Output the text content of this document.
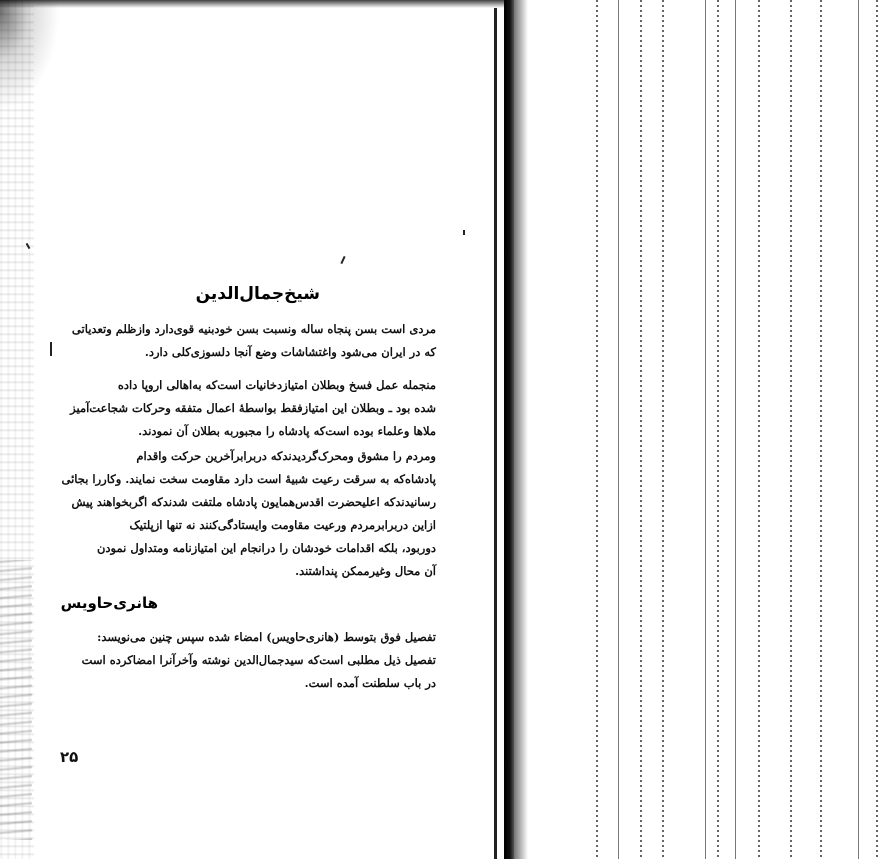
شیخ‌جمال‌الدین
مردی است بسن پنجاه ساله ونسبت بسن خودبنیه قوی‌دارد وازظلم وتعدیاتی
که در ایران می‌شود واغتشاشات وضع آنجا دلسوزی‌کلی دارد.
منجمله عمل فسخ وبطلان امتیازدخانیات است‌که به‌اهالی اروپا داده
شده بود ـ وبطلان این امتیازفقط بواسطهٔ اعمال متفقه وحرکات شجاعت‌آمیز
ملاها وعلماء بوده است‌که پادشاه را مجبوربه بطلان آن نمودند.
ومردم را مشوق ومحرک‌گردیدندکه دربرابرآخرین حرکت واقدام
پادشاه‌که به سرقت رعیت شبیهٔ است دارد مقاومت سخت نمایند. وکاررا بجائی
رسانیدندکه اعلیحضرت اقدس‌همایون پادشاه ملتفت شدندکه اگربخواهند پیش
ازاین دربرابرمردم ورعیت مقاومت وایستادگی‌کنند نه تنها ازپلتیک
دوربود، بلکه اقدامات خودشان را درانجام این امتیازنامه ومتداول نمودن
آن محال وغیرممکن پنداشتند.
هانری‌حاویس
تفصیل فوق بتوسط (هانری‌حاویس) امضاء شده سپس چنین می‌نویسد:
تفصیل ذیل مطلبی است‌که سیدجمال‌الدین نوشته وآخرآنرا امضاکرده است
در باب سلطنت آمده است.
۲۵
